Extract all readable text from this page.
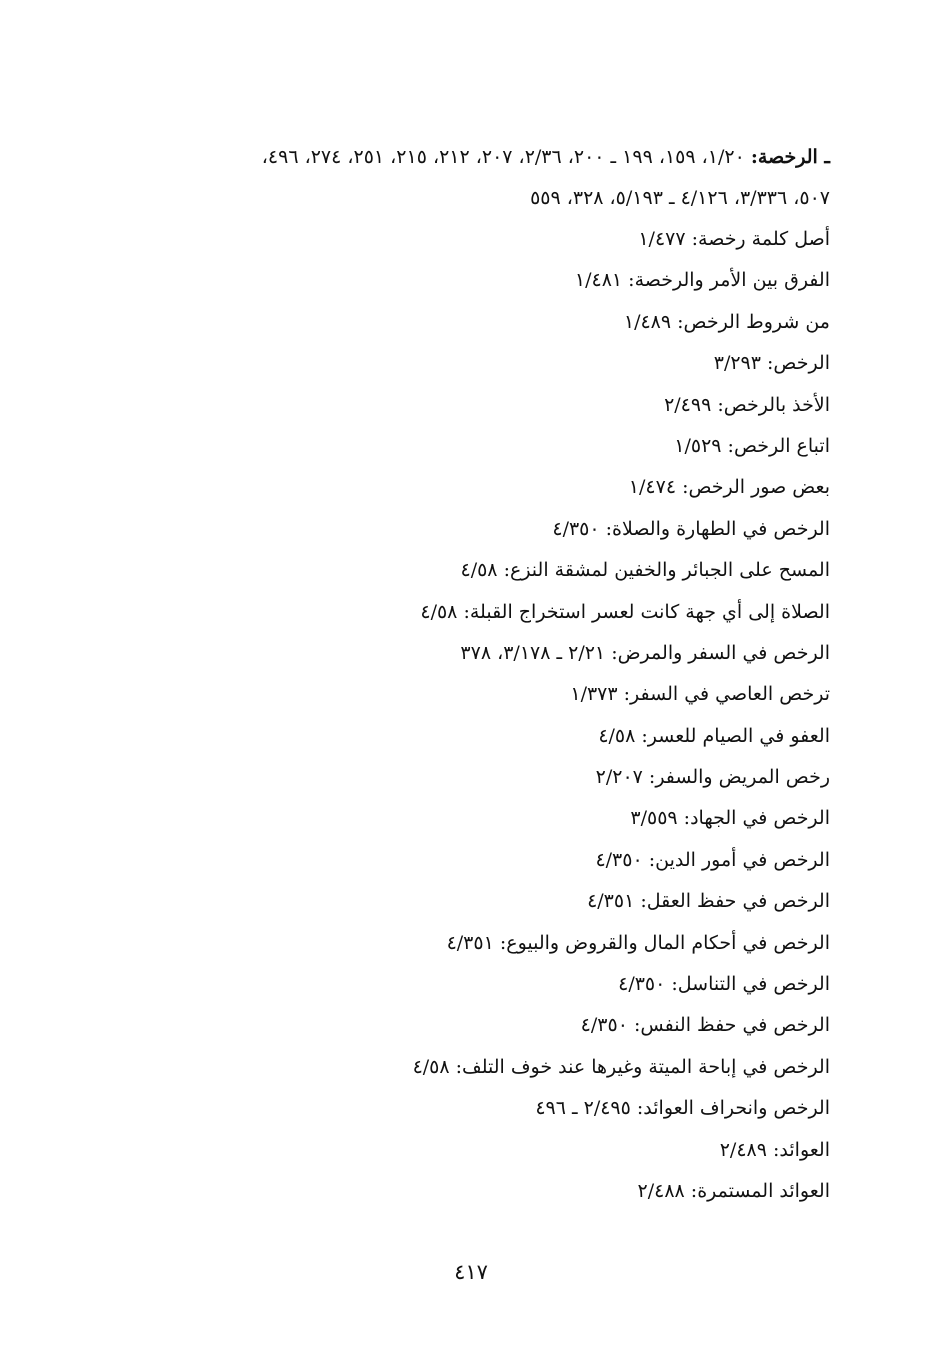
ـ الرخصة: ١/٢٠، ١٥٩، ١٩٩ ـ ٢٠٠، ٢/٣٦، ٢٠٧، ٢١٢، ٢١٥، ٢٥١، ٢٧٤، ٤٩٦،

٥٠٧، ٣/٣٣٦، ٤/١٢٦ ـ ٥/١٩٣، ٣٢٨، ٥٥٩

أصل كلمة رخصة: ١/٤٧٧
الفرق بين الأمر والرخصة: ١/٤٨١
من شروط الرخص: ١/٤٨٩
الرخص: ٣/٢٩٣
الأخذ بالرخص: ٢/٤٩٩
اتباع الرخص: ١/٥٢٩
بعض صور الرخص: ١/٤٧٤
الرخص في الطهارة والصلاة: ٤/٣٥٠
المسح على الجبائر والخفين لمشقة النزع: ٤/٥٨
الصلاة إلى أي جهة كانت لعسر استخراج القبلة: ٤/٥٨
الرخص في السفر والمرض: ٢/٢١ ـ ٣/١٧٨، ٣٧٨
ترخص العاصي في السفر: ١/٣٧٣
العفو في الصيام للعسر: ٤/٥٨
رخص المريض والسفر: ٢/٢٠٧
الرخص في الجهاد: ٣/٥٥٩
الرخص في أمور الدين: ٤/٣٥٠
الرخص في حفظ العقل: ٤/٣٥١
الرخص في أحكام المال والقروض والبيوع: ٤/٣٥١
الرخص في التناسل: ٤/٣٥٠
الرخص في حفظ النفس: ٤/٣٥٠
الرخص في إباحة الميتة وغيرها عند خوف التلف: ٤/٥٨
الرخص وانحراف العوائد: ٢/٤٩٥ ـ ٤٩٦
العوائد: ٢/٤٨٩
العوائد المستمرة: ٢/٤٨٨
٤١٧
